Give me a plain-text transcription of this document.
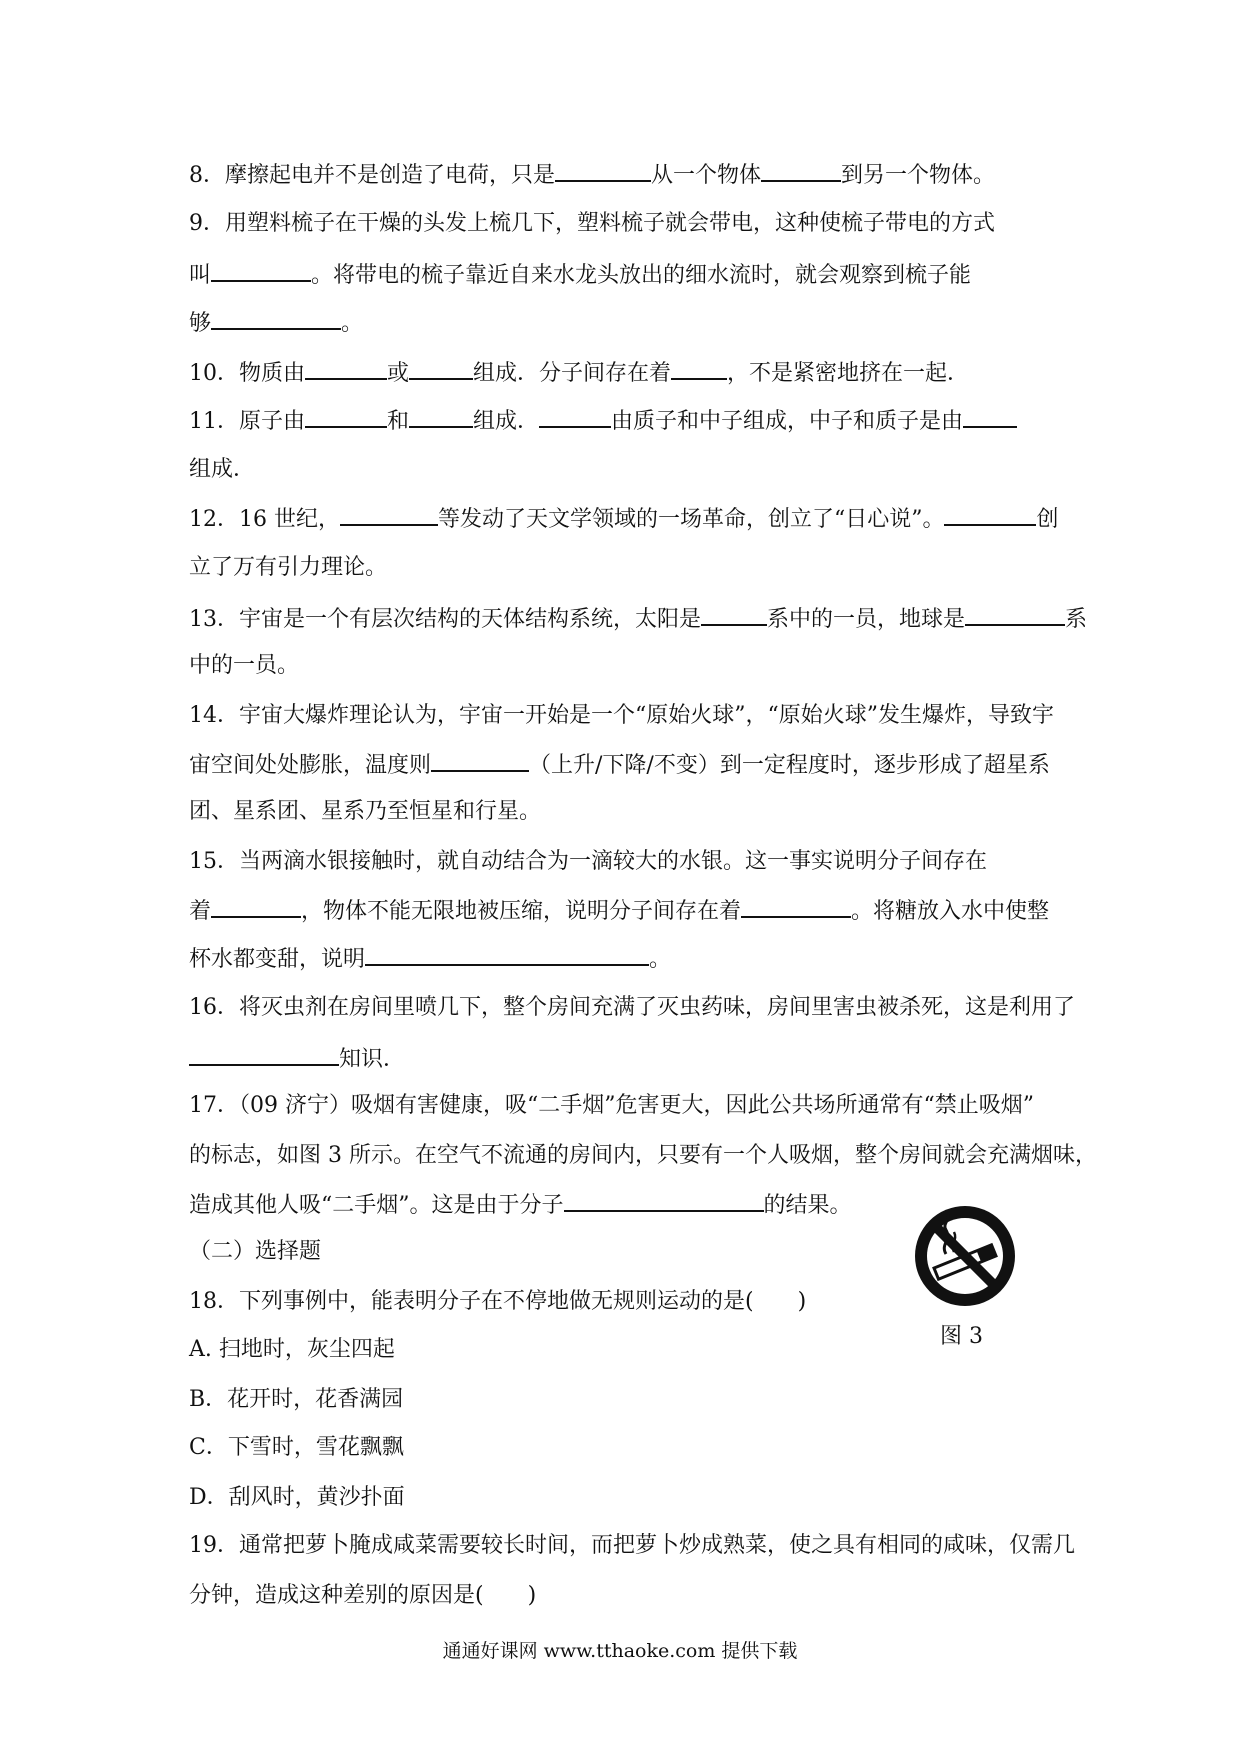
8．摩擦起电并不是创造了电荷，只是	从一个物体	到另一个物体。
9．用塑料梳子在干燥的头发上梳几下，塑料梳子就会带电，这种使梳子带电的方式
叫	。将带电的梳子靠近自来水龙头放出的细水流时，就会观察到梳子能
够	。
10．物质由	或	组成．分子间存在着	，不是紧密地挤在一起．
11．原子由	和	组成．	由质子和中子组成，中子和质子是由
组成．
12．16 世纪，	等发动了天文学领域的一场革命，创立了“日心说”。	创
立了万有引力理论。
13．宇宙是一个有层次结构的天体结构系统，太阳是	系中的一员，地球是	系
中的一员。
14．宇宙大爆炸理论认为，宇宙一开始是一个“原始火球”，“原始火球”发生爆炸，导致宇
宙空间处处膨胀，温度则	（上升/下降/不变）到一定程度时，逐步形成了超星系
团、星系团、星系乃至恒星和行星。
15．当两滴水银接触时，就自动结合为一滴较大的水银。这一事实说明分子间存在
着	，物体不能无限地被压缩，说明分子间存在着	。将糖放入水中使整
杯水都变甜，说明	。
16．将灭虫剂在房间里喷几下，整个房间充满了灭虫药味，房间里害虫被杀死，这是利用了
知识．
17．（09 济宁）吸烟有害健康，吸“二手烟”危害更大，因此公共场所通常有“禁止吸烟”
的标志，如图 3 所示。在空气不流通的房间内，只要有一个人吸烟，整个房间就会充满烟味，
造成其他人吸“二手烟”。这是由于分子	的结果。
（二）选择题
18．下列事例中，能表明分子在不停地做无规则运动的是(　　)
A. 扫地时，灰尘四起
B．花开时，花香满园
C．下雪时，雪花飘飘
D．刮风时，黄沙扑面
19．通常把萝卜腌成咸菜需要较长时间，而把萝卜炒成熟菜，使之具有相同的咸味，仅需几
分钟，造成这种差别的原因是(　　)
图 3
通通好课网 www.tthaoke.com 提供下载
